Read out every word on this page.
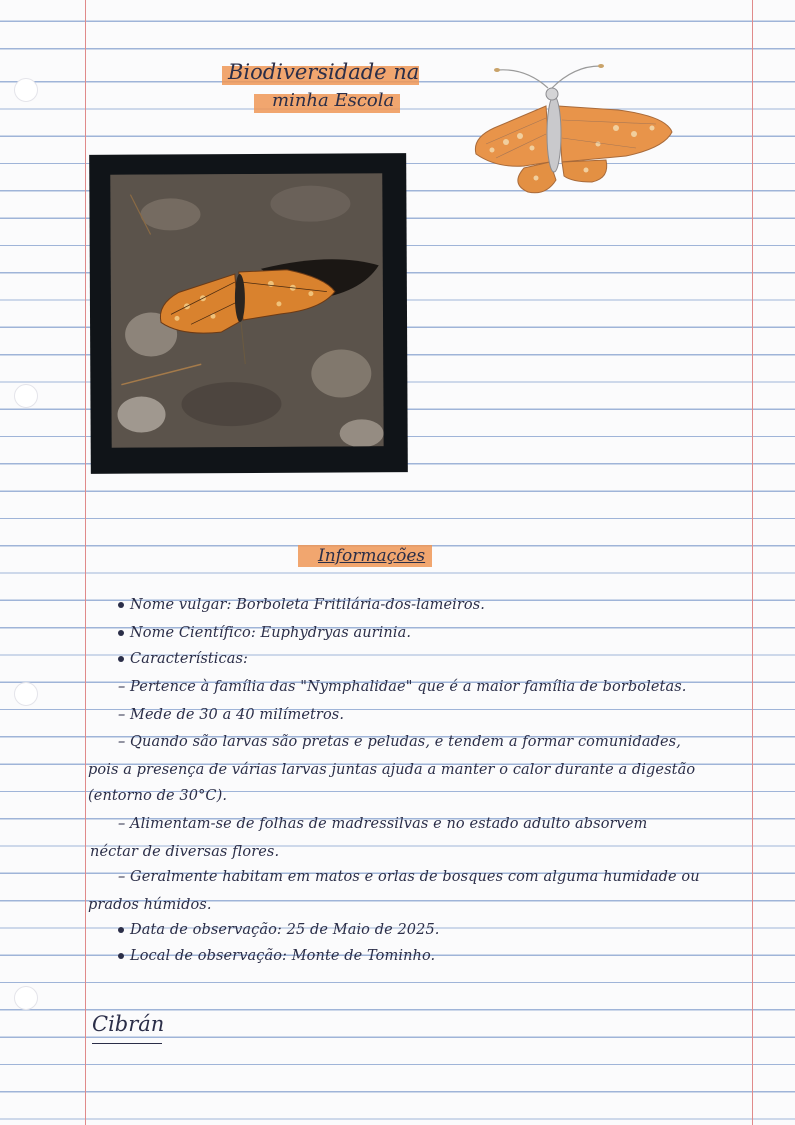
Biodiversidade na
minha Escola
Informações
Nome vulgar: Borboleta Fritilária-dos-lameiros.
Nome Científico: Euphydryas aurinia.
Características:
– Pertence à família das "Nymphalidae" que é a maior família de borboletas.
– Mede de 30 a 40 milímetros.
– Quando são larvas são pretas e peludas, e tendem a formar comunidades,
pois a presença de várias larvas juntas ajuda a manter o calor durante a digestão
(entorno de 30°C).
– Alimentam-se de folhas de madressilvas e no estado adulto absorvem
néctar de diversas flores.
– Geralmente habitam em matos e orlas de bosques com alguma humidade ou
prados húmidos.
Data de observação: 25 de Maio de 2025.
Local de observação: Monte de Tominho.
Cibrán
